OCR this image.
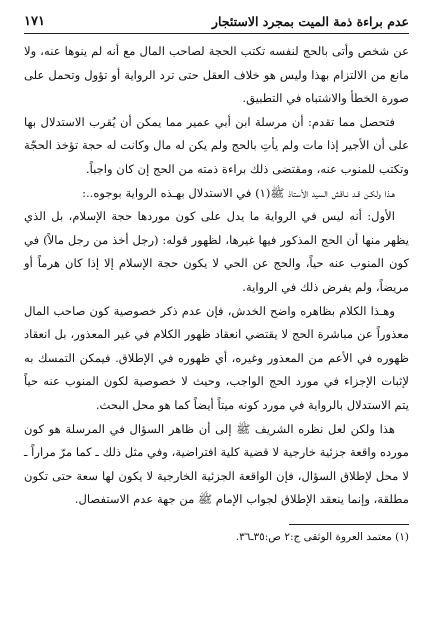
عدم براءة ذمة الميت بمجرد الاستئجار
١٧١

عن شخص وأتى بالحج لنفسه تكتب الحجة لصاحب المال مع أنه لم ينوها عنه، ولا مانع من الالتزام بهذا وليس هو خلاف العقل حتى ترد الرواية أو تؤول وتحمل على صورة الخطأ والاشتباه في التطبيق.

فتحصل مما تقدم: أن مرسلة ابن أبي عمير مما يمكن أن يُقرب الاستدلال بها على أن الأجير إذا مات ولم يأتِ بالحج ولم يكن له مال وكانت له حجة تؤخذ الحجّة وتكتب للمنوب عنه، ومقتضى ذلك براءة ذمته من الحج إن كان واجباً.

هـذا ولكـن قـد نـاقش السيد الأستاذ ﷺ(١) في الاستدلال بهـذه الرواية بوجوه..:

الأول: أنه ليس في الرواية ما يدل على كون موردها حجة الإسلام، بل الذي يظهر منها أن الحج المذكور فيها غيرها، لظهور قوله: (رجل أخذ من رجل مالاً) في كون المنوب عنه حياً، والحج عن الحي لا يكون حجة الإسلام إلا إذا كان هرماً أو مريضاً، ولم يفرض ذلك في الرواية.

وهـذا الكلام بظاهره واضح الخدش، فإن عدم ذكر خصوصية كون صاحب المال معذوراً عن مباشرة الحج لا يقتضي انعقاد ظهور الكلام في غير المعذور، بل انعقاد ظهوره في الأعم من المعذور وغيره، أي ظهوره في الإطلاق. فيمكن التمسك به لإثبات الإجزاء في مورد الحج الواجب، وحيث لا خصوصية لكون المنوب عنه حياً يتم الاستدلال بالرواية في مورد كونه ميتاً أيضاً كما هو محل البحث.

هذا ولكن لعل نظره الشريف ﷺ إلى أن ظاهر السؤال في المرسلة هو كون مورده واقعة جزئية خارجية لا قضية كلية افتراضية، وفي مثل ذلك ـ كما مرّ مراراً ـ لا محل لإطلاق السؤال، فإن الواقعة الجزئية الخارجية لا يكون لها سعة حتى تكون مطلقة، وإنما ينعقد الإطلاق لجواب الإمام ﷺ من جهة عدم الاستفصال.

(١) معتمد العروة الوثقى ج:٢ ص:٣٥ـ٣٦.
